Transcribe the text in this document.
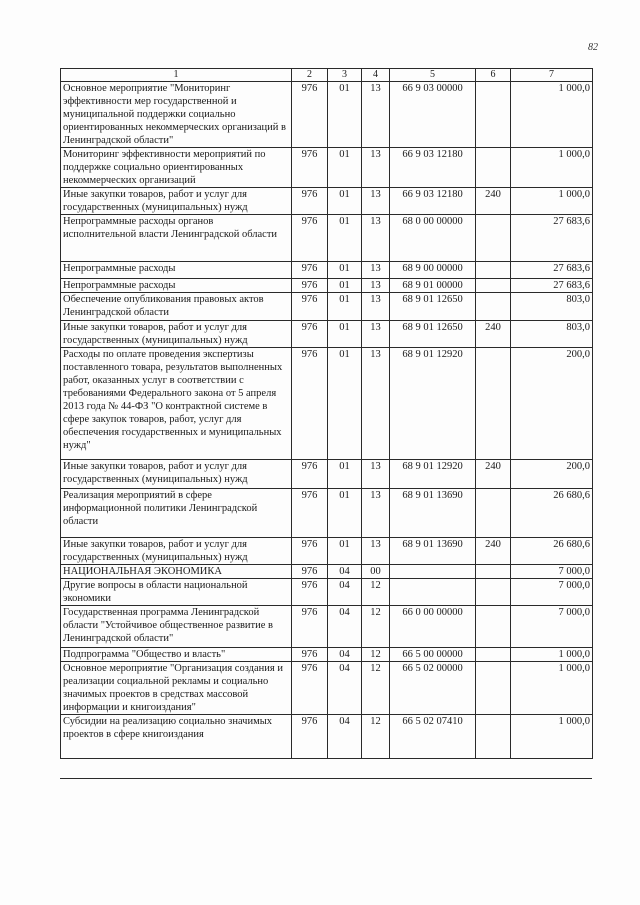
82
1	2	3	4	5	6	7
Основное мероприятие "Мониторинг эффективности мер государственной и муниципальной поддержки социально ориентированных некоммерческих организаций в Ленинградской области"	976	01	13	66 9 03 00000		1 000,0
Мониторинг эффективности мероприятий по поддержке социально ориентированных некоммерческих организаций	976	01	13	66 9 03 12180		1 000,0
Иные закупки товаров, работ и услуг для государственных (муниципальных) нужд	976	01	13	66 9 03 12180	240	1 000,0
Непрограммные расходы органов исполнительной власти Ленинградской области	976	01	13	68 0 00 00000		27 683,6
Непрограммные расходы	976	01	13	68 9 00 00000		27 683,6
Непрограммные расходы	976	01	13	68 9 01 00000		27 683,6
Обеспечение опубликования правовых актов Ленинградской области	976	01	13	68 9 01 12650		803,0
Иные закупки товаров, работ и услуг для государственных (муниципальных) нужд	976	01	13	68 9 01 12650	240	803,0
Расходы по оплате проведения экспертизы поставленного товара, результатов выполненных работ, оказанных услуг в соответствии с требованиями Федерального закона от 5 апреля 2013 года № 44-ФЗ "О контрактной системе в сфере закупок товаров, работ, услуг для обеспечения государственных и муниципальных нужд"	976	01	13	68 9 01 12920		200,0
Иные закупки товаров, работ и услуг для государственных (муниципальных) нужд	976	01	13	68 9 01 12920	240	200,0
Реализация мероприятий в сфере информационной политики Ленинградской области	976	01	13	68 9 01 13690		26 680,6
Иные закупки товаров, работ и услуг для государственных (муниципальных) нужд	976	01	13	68 9 01 13690	240	26 680,6
НАЦИОНАЛЬНАЯ ЭКОНОМИКА	976	04	00			7 000,0
Другие вопросы в области национальной экономики	976	04	12			7 000,0
Государственная программа Ленинградской области "Устойчивое общественное развитие в Ленинградской области"	976	04	12	66 0 00 00000		7 000,0
Подпрограмма "Общество и власть"	976	04	12	66 5 00 00000		1 000,0
Основное мероприятие "Организация создания и реализации социальной рекламы и социально значимых проектов в средствах массовой информации и книгоиздания"	976	04	12	66 5 02 00000		1 000,0
Субсидии на реализацию социально значимых проектов в сфере книгоиздания	976	04	12	66 5 02 07410		1 000,0
